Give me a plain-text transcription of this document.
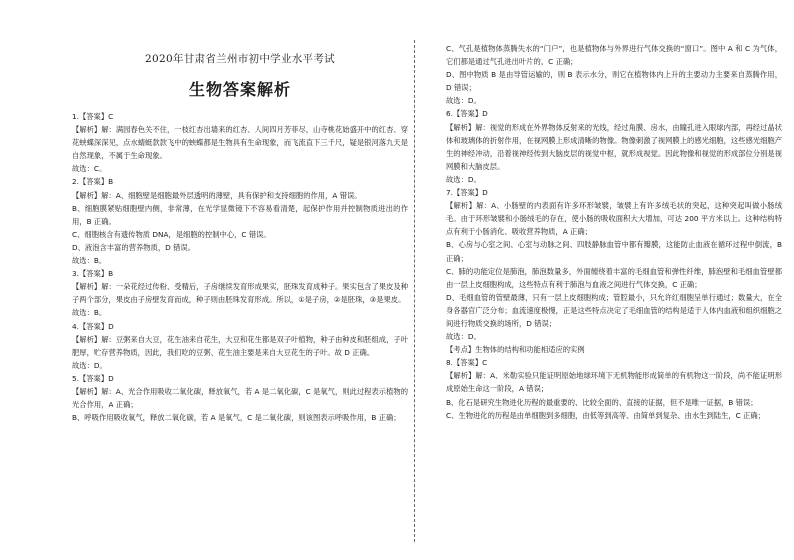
2020年甘肃省兰州市初中学业水平考试
生物答案解析

1.【答案】C

【解析】解：满园春色关不住，一枝红杏出墙来的红杏、人间四月芳菲尽，山寺桃花始盛开中的红杏、穿花蛱蝶深深见，点水蜻蜓款款飞中的蛱蝶都是生物具有生命现象，而飞流直下三千尺，疑是银河落九天是自然现象，不属于生命现象。

故选：C。

2.【答案】B

【解析】解：A、细胞壁是细胞最外层透明的薄壁，具有保护和支持细胞的作用，A 错误。

B、细胞膜紧贴细胞壁内侧，非常薄，在光学显微镜下不容易看清楚，起保护作用并控制物质进出的作用，B 正确。

C、细胞核含有遗传物质 DNA，是细胞的控制中心，C 错误。

D、液泡含丰富的营养物质，D 错误。

故选：B。

3.【答案】B

【解析】解：一朵花经过传粉、受精后，子房继续发育形成果实，胚珠发育成种子。果实包含了果皮及种子两个部分，果皮由子房壁发育而成，种子则由胚珠发育形成。所以，①是子房，②是胚珠，③是果皮。

故选：B。

4.【答案】D

【解析】解：豆粥来自大豆，花生油来自花生，大豆和花生都是双子叶植物，种子由种皮和胚组成，子叶肥厚，贮存营养物质，因此，我们吃的豆粥、花生油主要是来自大豆花生的子叶。故 D 正确。

故选：D。

5.【答案】D

【解析】解：A、光合作用吸收二氧化碳，释放氧气，若 A 是二氧化碳，C 是氧气，则此过程表示植物的光合作用，A 正确；

B、呼吸作用吸收氧气，释放二氧化碳，若 A 是氧气，C 是二氧化碳，则该图表示呼吸作用，B 正确；

C、气孔是植物体蒸腾失水的“门户”，也是植物体与外界进行气体交换的“窗口”。图中 A 和 C 为气体，它们都是通过气孔进出叶片的，C 正确；

D、图中物质 B 是由导管运输的，则 B 表示水分，则它在植物体内上升的主要动力主要来自蒸腾作用，D 错误；

故选：D。

6.【答案】D

【解析】解：视觉的形成在外界物体反射来的光线，经过角膜、房水，由瞳孔进入眼球内部，再经过晶状体和玻璃体的折射作用，在视网膜上形成清晰的物像。物像刺激了视网膜上的感光细胞，这些感光细胞产生的神经冲动，沿着视神经传到大脑皮层的视觉中枢，就形成视觉。因此物像和视觉的形成部位分别是视网膜和大脑皮层。

故选：D。

7.【答案】D

【解析】解：A、小肠壁的内表面有许多环形皱襞，皱襞上有许多绒毛状的突起，这种突起叫做小肠绒毛。由于环形皱襞和小肠绒毛的存在，使小肠的吸收面积大大增加，可达 200 平方米以上。这种结构特点有利于小肠消化、吸收营养物质，A 正确；

B、心房与心室之间、心室与动脉之间、四肢静脉血管中都有瓣膜，这能防止血液在循环过程中倒流，B 正确；

C、肺的功能定位是肺泡，肺泡数量多，外面缠绕着丰富的毛细血管和弹性纤维，肺泡壁和毛细血管壁都由一层上皮细胞构成，这些特点有利于肺泡与血液之间进行气体交换，C 正确；

D、毛细血管的管壁最薄，只有一层上皮细胞构成；管腔最小，只允许红细胞呈单行通过；数量大，在全身各器官广泛分布；血流速度极慢，正是这些特点决定了毛细血管的结构是适于人体内血液和组织细胞之间进行物质交换的场所，D 错误；

故选：D。

【考点】生物体的结构和功能相适应的实例

8.【答案】C

【解析】解：A、米勒实验只能证明原始地球环境下无机物能形成简单的有机物这一阶段，尚不能证明形成原始生命这一阶段，A 错误；

B、化石是研究生物进化历程的最重要的、比较全面的、直接的证据，但不是唯一证据，B 错误；

C、生物进化的历程是由单细胞到多细胞，由低等到高等、由简单到复杂、由水生到陆生，C 正确；
